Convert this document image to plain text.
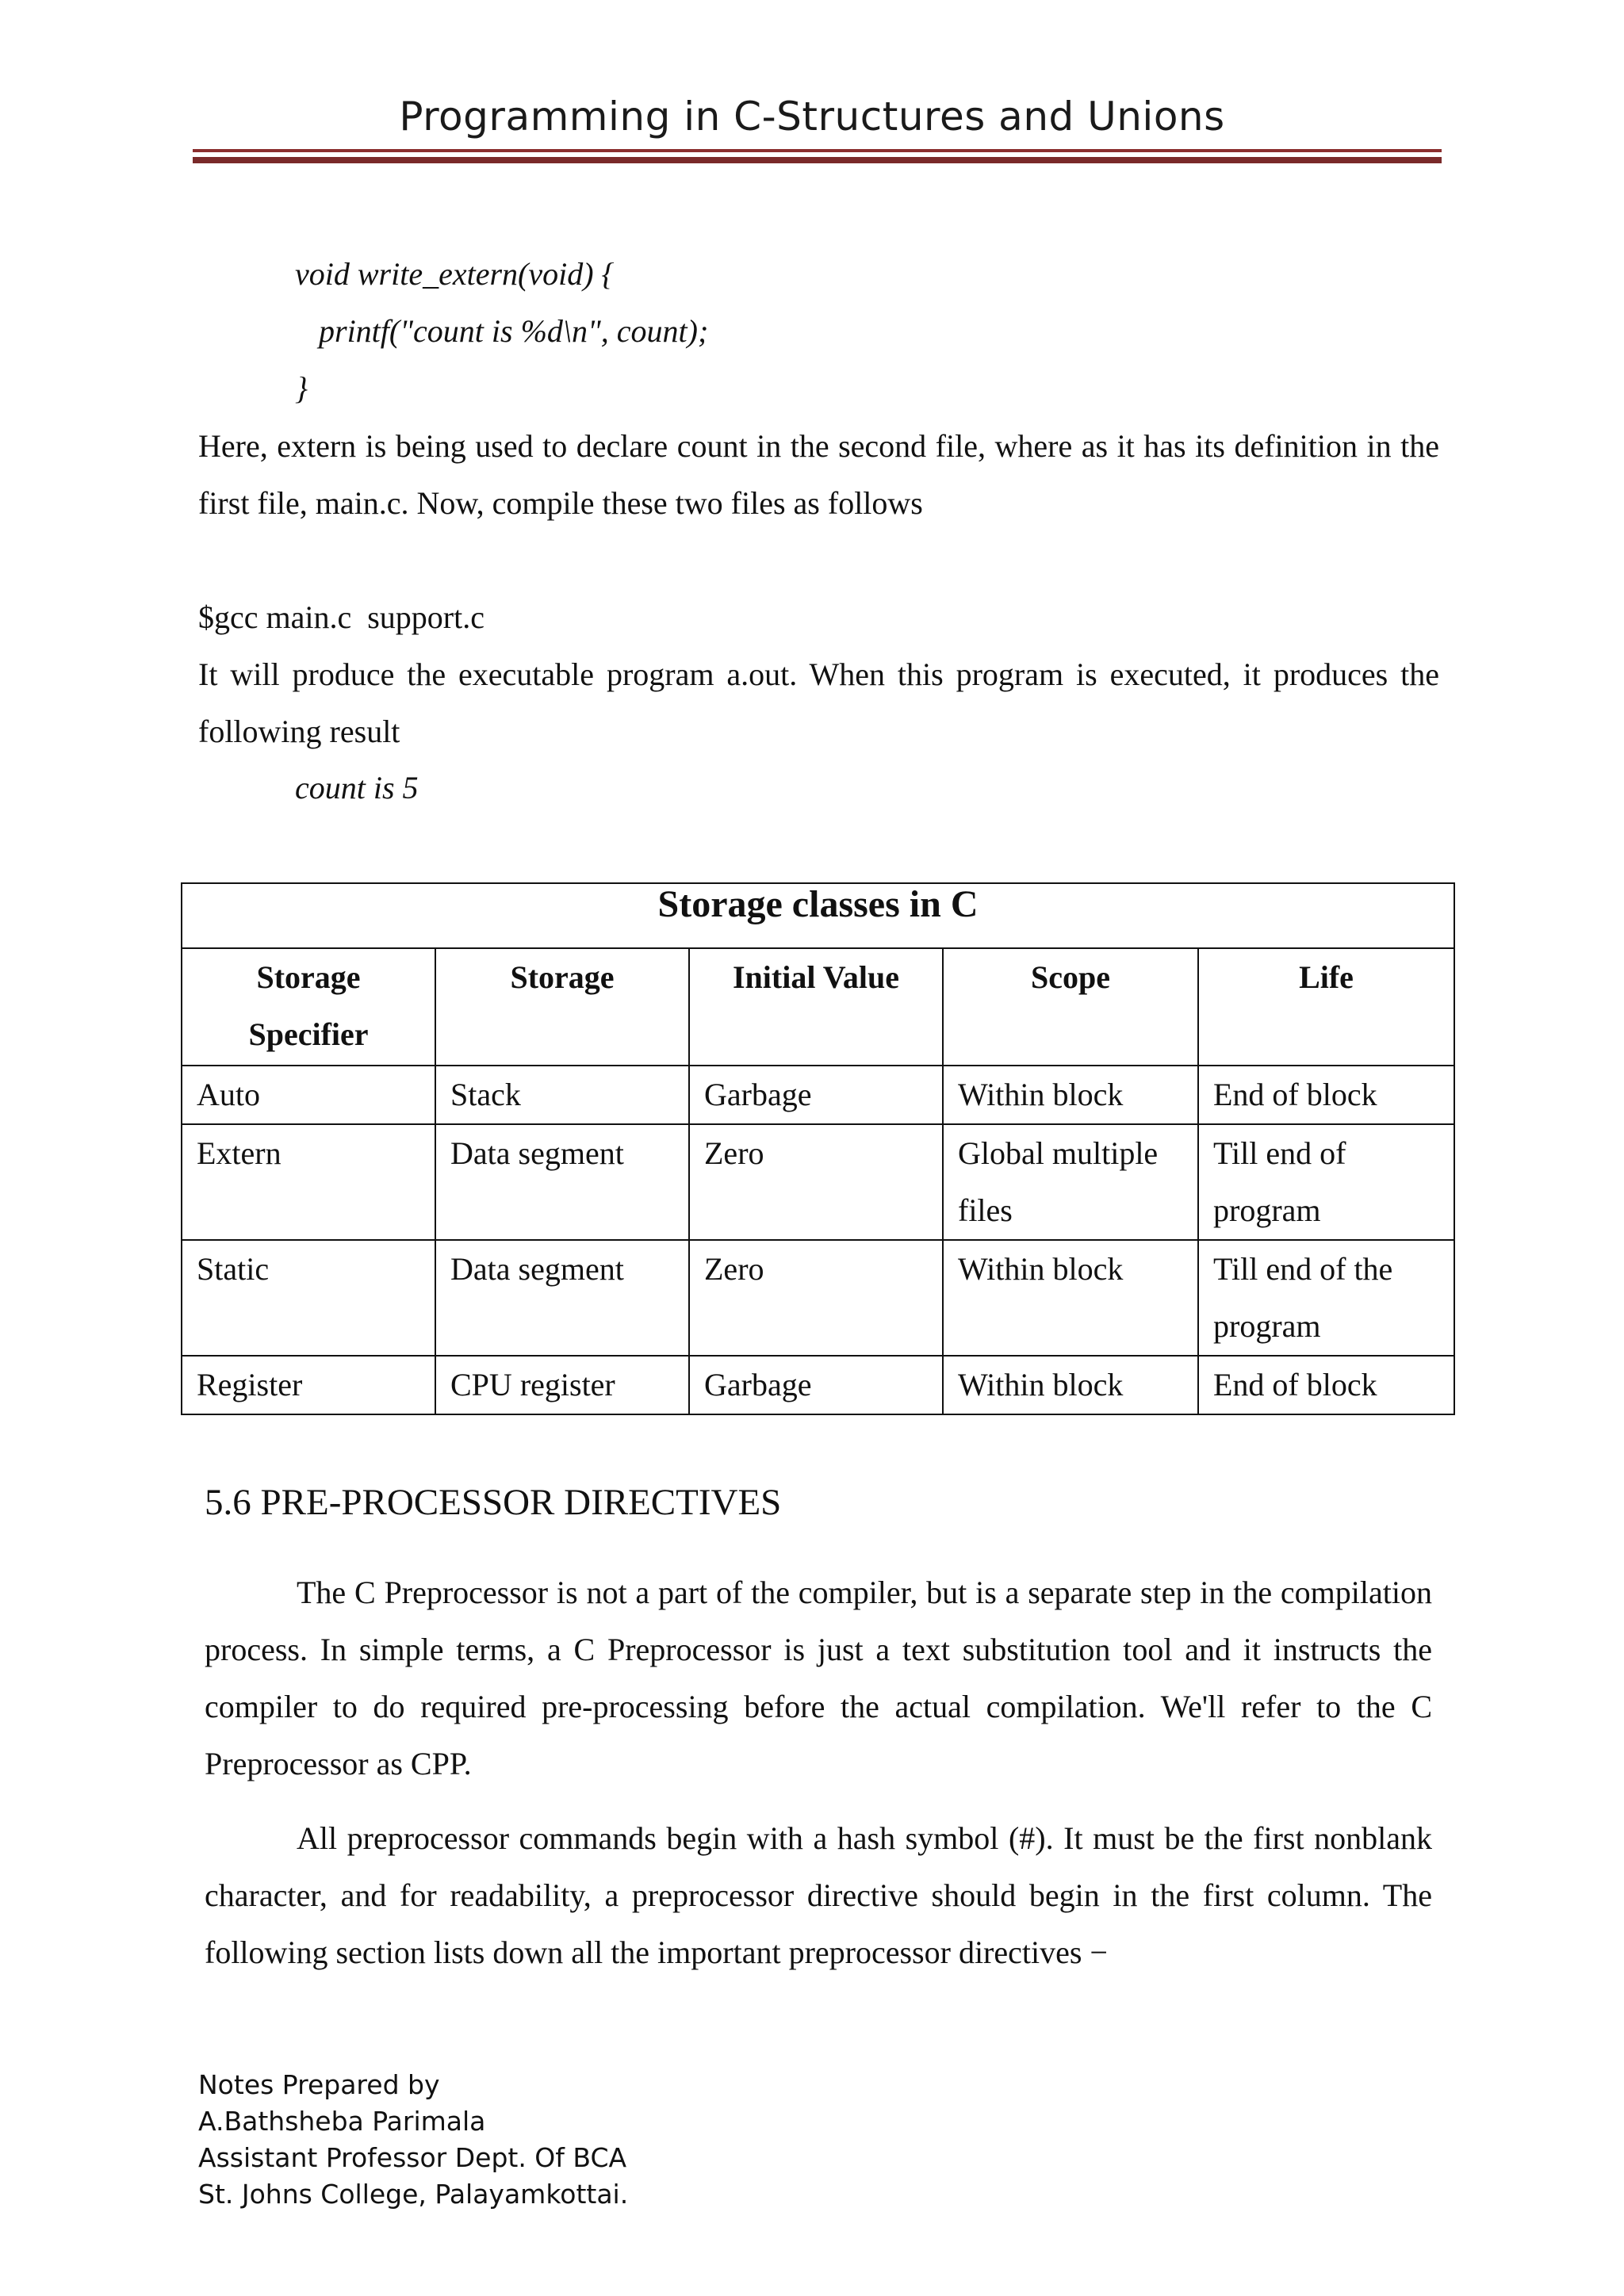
Programming in C-Structures and Unions
void write_extern(void) {
printf("count is %d\n", count);
}
Here, extern is being used to declare count in the second file, where as it has its definition in the first file, main.c. Now, compile these two files as follows
$gcc main.c  support.c
It will produce the executable program a.out. When this program is executed, it produces the following result
count is 5
Storage classes in C				
Storage Specifier	Storage	Initial Value	Scope	Life
Auto	Stack	Garbage	Within block	End of block
Extern	Data segment	Zero	Global multiple files	Till end of program
Static	Data segment	Zero	Within block	Till end of the program
Register	CPU register	Garbage	Within block	End of block
5.6 PRE-PROCESSOR DIRECTIVES
The C Preprocessor is not a part of the compiler, but is a separate step in the compilation process. In simple terms, a C Preprocessor is just a text substitution tool and it instructs the compiler to do required pre-processing before the actual compilation. We'll refer to the C Preprocessor as CPP.
All preprocessor commands begin with a hash symbol (#). It must be the first nonblank character, and for readability, a preprocessor directive should begin in the first column. The following section lists down all the important preprocessor directives −
Notes Prepared by
A.Bathsheba Parimala
Assistant Professor Dept. Of BCA
St. Johns College, Palayamkottai.
